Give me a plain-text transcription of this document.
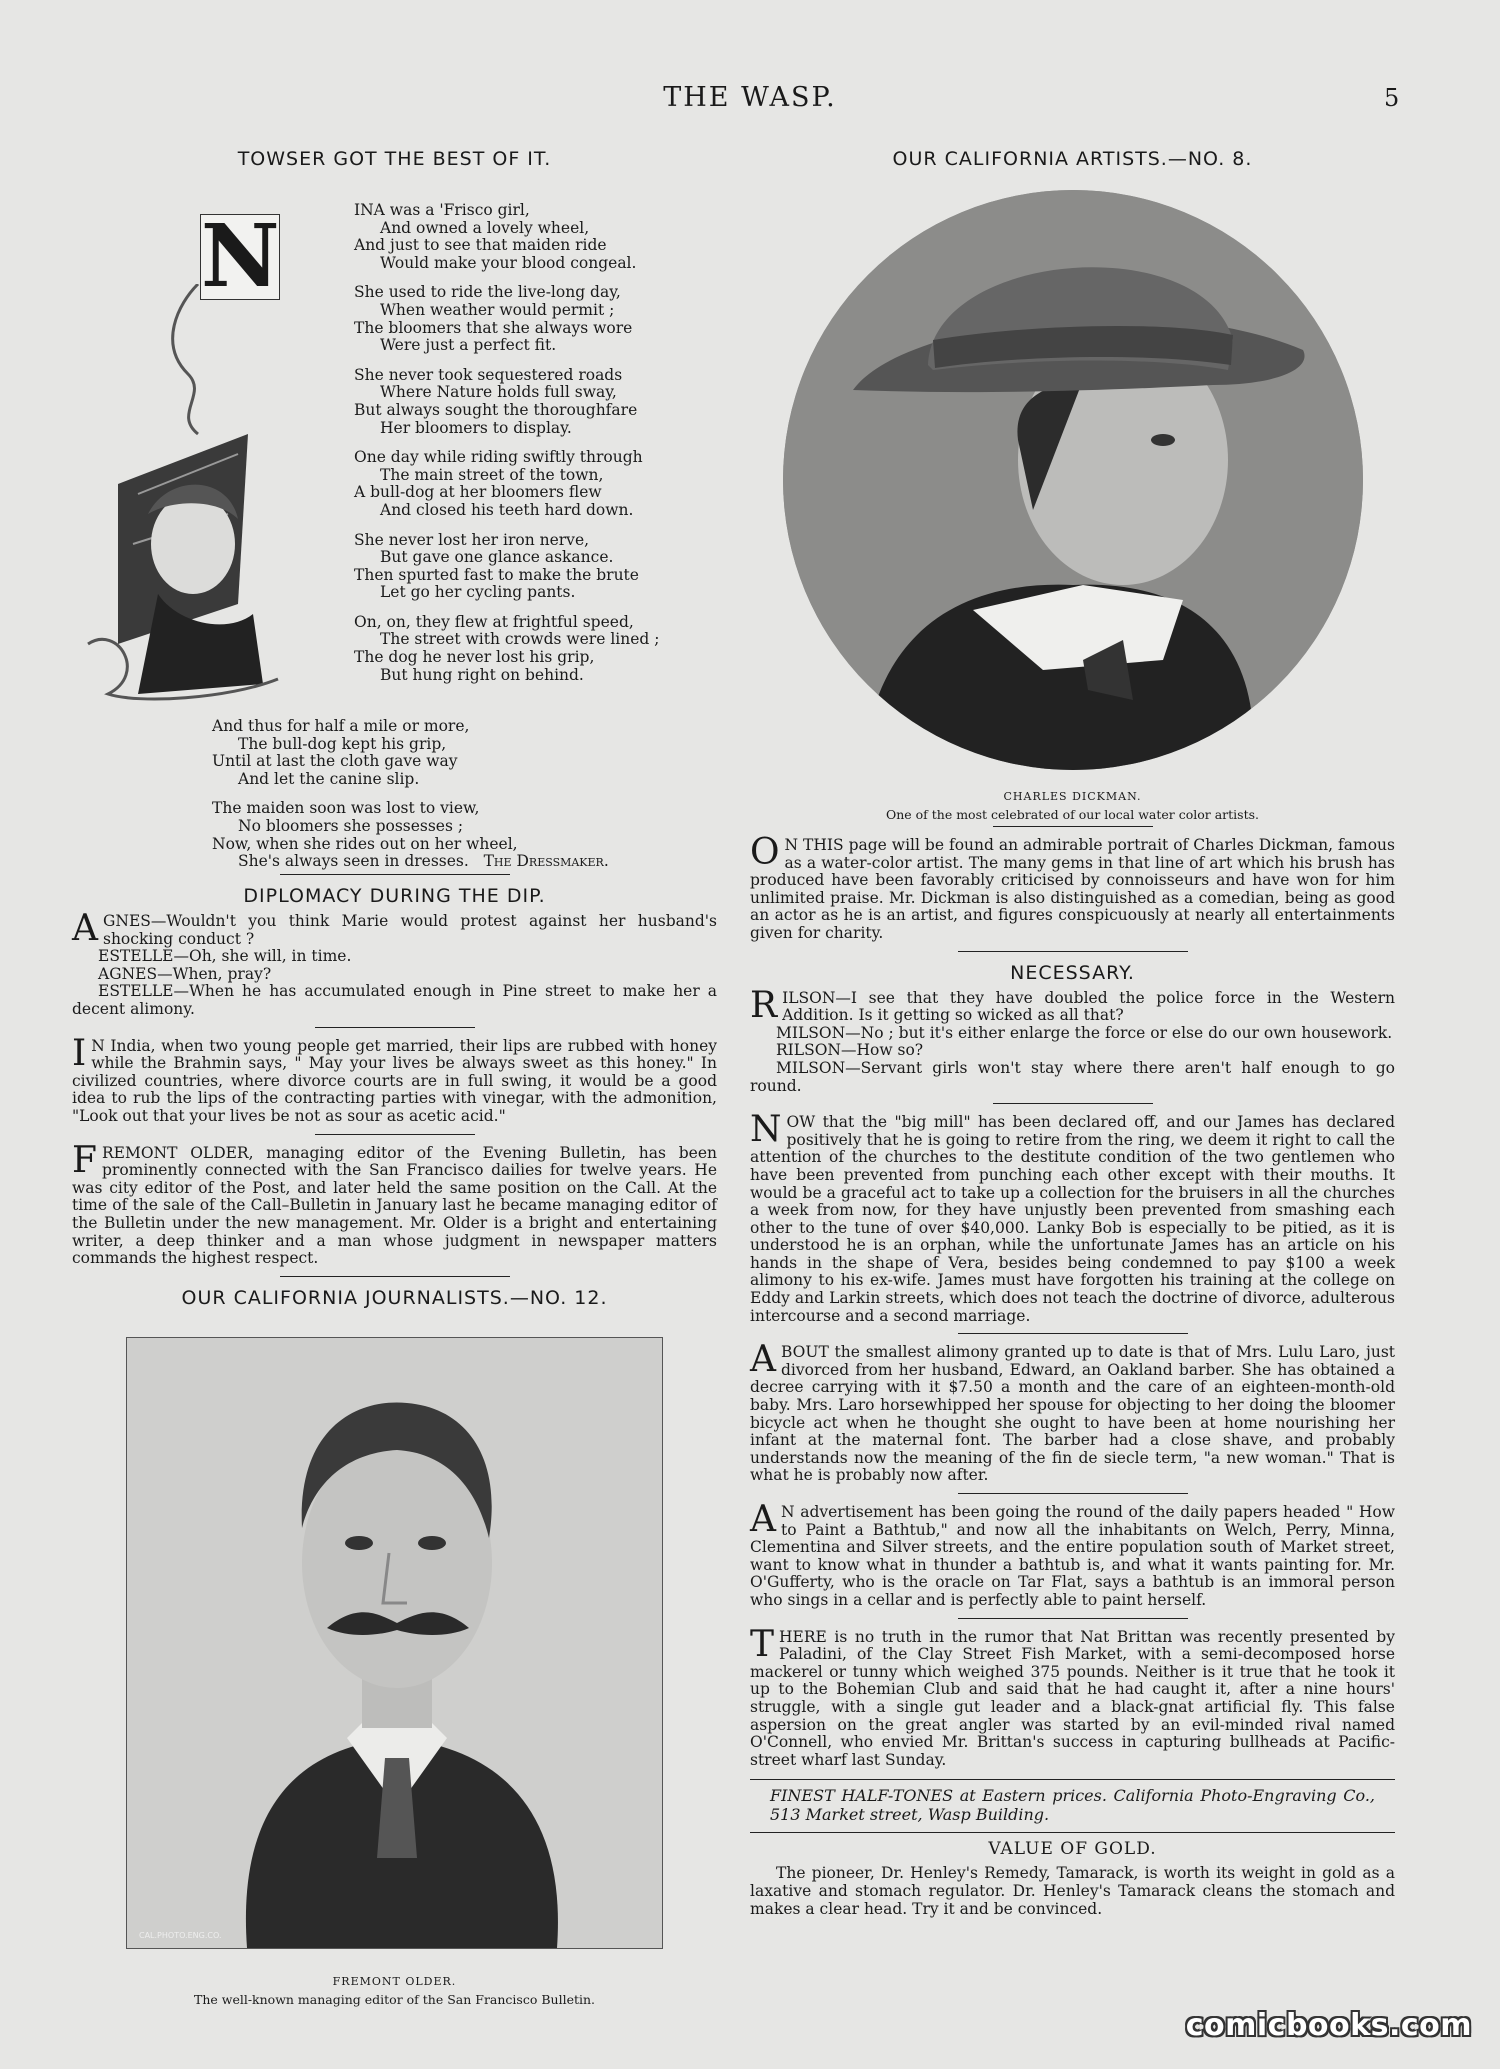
THE WASP.	5
TOWSER GOT THE BEST OF IT.
N	INA was a 'Frisco girl,
And owned a lovely wheel,
And just to see that maiden ride
Would make your blood congeal.
She used to ride the live-long day,
When weather would permit ;
The bloomers that she always wore
Were just a perfect fit.
She never took sequestered roads
Where Nature holds full sway,
But always sought the thoroughfare
Her bloomers to display.
One day while riding swiftly through
The main street of the town,
A bull-dog at her bloomers flew
And closed his teeth hard down.
She never lost her iron nerve,
But gave one glance askance.
Then spurted fast to make the brute
Let go her cycling pants.
On, on, they flew at frightful speed,
The street with crowds were lined ;
The dog he never lost his grip,
But hung right on behind.
And thus for half a mile or more,
The bull-dog kept his grip,
Until at last the cloth gave way
And let the canine slip.
The maiden soon was lost to view,
No bloomers she possesses ;
Now, when she rides out on her wheel,
She's always seen in dresses. The Dressmaker.
DIPLOMACY DURING THE DIP.

AGNES—Wouldn't you think Marie would protest against her husband's shocking conduct ?

ESTELLE—Oh, she will, in time.

AGNES—When, pray?

ESTELLE—When he has accumulated enough in Pine street to make her a decent alimony.

I N India, when two young people get married, their lips are rubbed with honey while the Brahmin says, " May your lives be always sweet as this honey." In civilized countries, where divorce courts are in full swing, it would be a good idea to rub the lips of the contracting parties with vinegar, with the admonition, "Look out that your lives be not as sour as acetic acid."

FREMONT OLDER, managing editor of the Evening Bulletin, has been prominently connected with the San Francisco dailies for twelve years. He was city editor of the Post, and later held the same position on the Call. At the time of the sale of the Call–Bulletin in January last he became managing editor of the Bulletin under the new management. Mr. Older is a bright and entertaining writer, a deep thinker and a man whose judgment in newspaper matters commands the highest respect.

OUR CALIFORNIA JOURNALISTS.—NO. 12.
CAL.PHOTO.ENG.CO.
FREMONT OLDER.
The well-known managing editor of the San Francisco Bulletin.
OUR CALIFORNIA ARTISTS.—NO. 8.
CHARLES DICKMAN.
One of the most celebrated of our local water color artists.

O N THIS page will be found an admirable portrait of Charles Dickman, famous as a water-color artist. The many gems in that line of art which his brush has produced have been favorably criticised by connoisseurs and have won for him unlimited praise. Mr. Dickman is also distinguished as a comedian, being as good an actor as he is an artist, and figures conspicuously at nearly all entertainments given for charity.

NECESSARY.

RILSON—I see that they have doubled the police force in the Western Addition. Is it getting so wicked as all that?

MILSON—No ; but it's either enlarge the force or else do our own housework.

RILSON—How so?

MILSON—Servant girls won't stay where there aren't half enough to go round.

NOW that the "big mill" has been declared off, and our James has declared positively that he is going to retire from the ring, we deem it right to call the attention of the churches to the destitute condition of the two gentlemen who have been prevented from punching each other except with their mouths. It would be a graceful act to take up a collection for the bruisers in all the churches a week from now, for they have unjustly been prevented from smashing each other to the tune of over $40,000. Lanky Bob is especially to be pitied, as it is understood he is an orphan, while the unfortunate James has an article on his hands in the shape of Vera, besides being condemned to pay $100 a week alimony to his ex-wife. James must have forgotten his training at the college on Eddy and Larkin streets, which does not teach the doctrine of divorce, adulterous intercourse and a second marriage.

ABOUT the smallest alimony granted up to date is that of Mrs. Lulu Laro, just divorced from her husband, Edward, an Oakland barber. She has obtained a decree carrying with it $7.50 a month and the care of an eighteen-month-old baby. Mrs. Laro horsewhipped her spouse for objecting to her doing the bloomer bicycle act when he thought she ought to have been at home nourishing her infant at the maternal font. The barber had a close shave, and probably understands now the meaning of the fin de siecle term, "a new woman." That is what he is probably now after.

A N advertisement has been going the round of the daily papers headed " How to Paint a Bathtub," and now all the inhabitants on Welch, Perry, Minna, Clementina and Silver streets, and the entire population south of Market street, want to know what in thunder a bathtub is, and what it wants painting for. Mr. O'Gufferty, who is the oracle on Tar Flat, says a bathtub is an immoral person who sings in a cellar and is perfectly able to paint herself.

THERE is no truth in the rumor that Nat Brittan was recently presented by Paladini, of the Clay Street Fish Market, with a semi-decomposed horse mackerel or tunny which weighed 375 pounds. Neither is it true that he took it up to the Bohemian Club and said that he had caught it, after a nine hours' struggle, with a single gut leader and a black-gnat artificial fly. This false aspersion on the great angler was started by an evil-minded rival named O'Connell, who envied Mr. Brittan's success in capturing bullheads at Pacific-street wharf last Sunday.

FINEST HALF-TONES at Eastern prices. California Photo-Engraving Co., 513 Market street, Wasp Building.
VALUE OF GOLD.

The pioneer, Dr. Henley's Remedy, Tamarack, is worth its weight in gold as a laxative and stomach regulator. Dr. Henley's Tamarack cleans the stomach and makes a clear head. Try it and be convinced.

comicbooks.com
